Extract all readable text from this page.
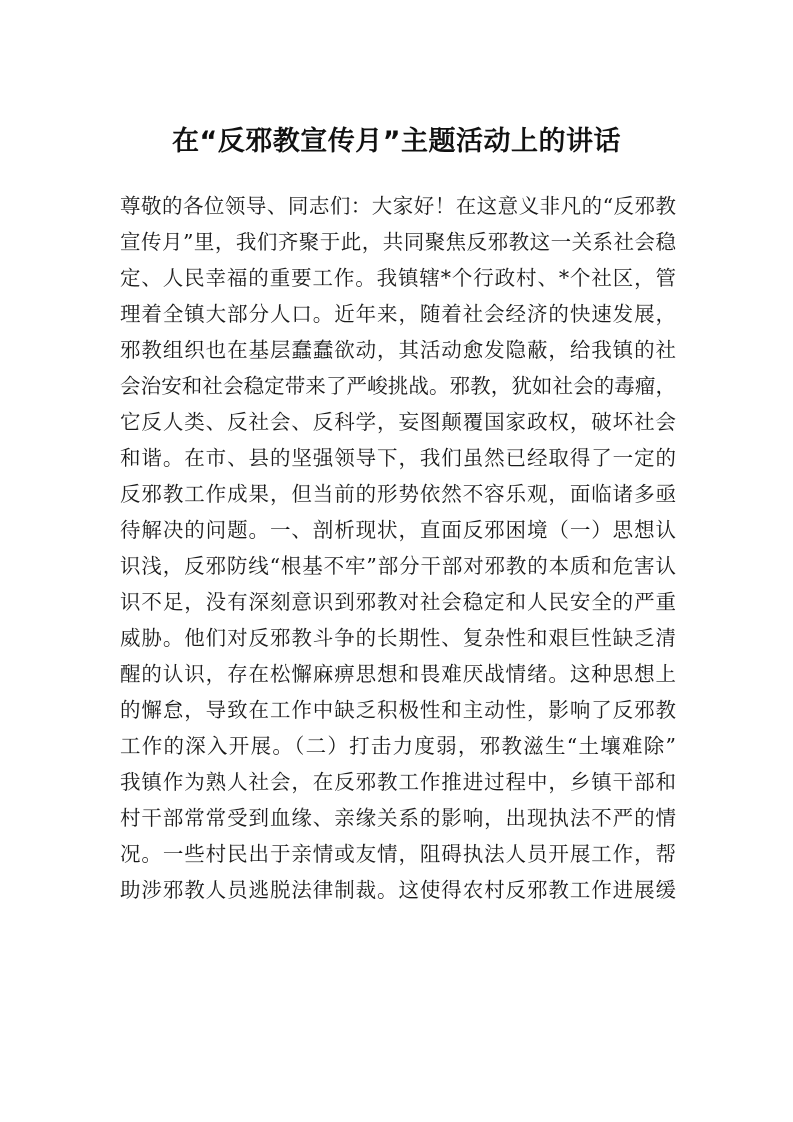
在“反邪教宣传月”主题活动上的讲话
尊敬的各位领导、同志们：大家好！在这意义非凡的“反邪教
宣传月”里，我们齐聚于此，共同聚焦反邪教这一关系社会稳
定、人民幸福的重要工作。我镇辖*个行政村、*个社区，管
理着全镇大部分人口。近年来，随着社会经济的快速发展，
邪教组织也在基层蠢蠢欲动，其活动愈发隐蔽，给我镇的社
会治安和社会稳定带来了严峻挑战。邪教，犹如社会的毒瘤，
它反人类、反社会、反科学，妄图颠覆国家政权，破坏社会
和谐。在市、县的坚强领导下，我们虽然已经取得了一定的
反邪教工作成果，但当前的形势依然不容乐观，面临诸多亟
待解决的问题。一、剖析现状，直面反邪困境（一）思想认
识浅，反邪防线“根基不牢”部分干部对邪教的本质和危害认
识不足，没有深刻意识到邪教对社会稳定和人民安全的严重
威胁。他们对反邪教斗争的长期性、复杂性和艰巨性缺乏清
醒的认识，存在松懈麻痹思想和畏难厌战情绪。这种思想上
的懈怠，导致在工作中缺乏积极性和主动性，影响了反邪教
工作的深入开展。（二）打击力度弱，邪教滋生“土壤难除”
我镇作为熟人社会，在反邪教工作推进过程中，乡镇干部和
村干部常常受到血缘、亲缘关系的影响，出现执法不严的情
况。一些村民出于亲情或友情，阻碍执法人员开展工作，帮
助涉邪教人员逃脱法律制裁。这使得农村反邪教工作进展缓
